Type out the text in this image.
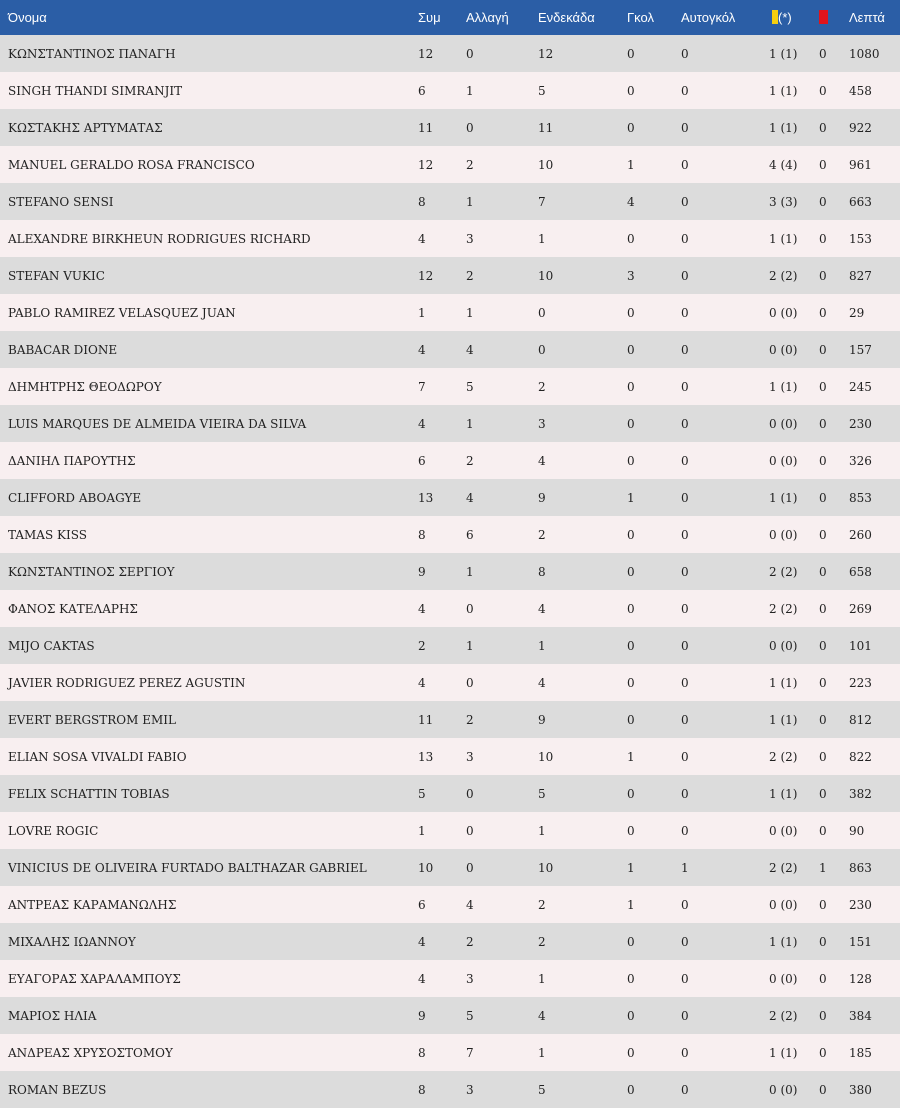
Όνομα	Συμ	Αλλαγή	Ενδεκάδα	Γκολ	Αυτογκόλ	(*)		Λεπτά
ΚΩΝΣΤΑΝΤΙΝΟΣ ΠΑΝΑΓΗ	12	0	12	0	0	1 (1)	0	1080
SINGH THANDI SIMRANJIT	6	1	5	0	0	1 (1)	0	458
ΚΩΣΤΑΚΗΣ ΑΡΤΥΜΑΤΑΣ	11	0	11	0	0	1 (1)	0	922
MANUEL GERALDO ROSA FRANCISCO	12	2	10	1	0	4 (4)	0	961
STEFANO SENSI	8	1	7	4	0	3 (3)	0	663
ALEXANDRE BIRKHEUN RODRIGUES RICHARD	4	3	1	0	0	1 (1)	0	153
STEFAN VUKIC	12	2	10	3	0	2 (2)	0	827
PABLO RAMIREZ VELASQUEZ JUAN	1	1	0	0	0	0 (0)	0	29
BABACAR DIONE	4	4	0	0	0	0 (0)	0	157
ΔΗΜΗΤΡΗΣ ΘΕΟΔΩΡΟΥ	7	5	2	0	0	1 (1)	0	245
LUIS MARQUES DE ALMEIDA VIEIRA DA SILVA	4	1	3	0	0	0 (0)	0	230
ΔΑΝΙΗΛ ΠΑΡΟΥΤΗΣ	6	2	4	0	0	0 (0)	0	326
CLIFFORD ABOAGYE	13	4	9	1	0	1 (1)	0	853
TAMAS KISS	8	6	2	0	0	0 (0)	0	260
ΚΩΝΣΤΑΝΤΙΝΟΣ ΣΕΡΓΙΟΥ	9	1	8	0	0	2 (2)	0	658
ΦΑΝΟΣ ΚΑΤΕΛΑΡΗΣ	4	0	4	0	0	2 (2)	0	269
MIJO CAKTAS	2	1	1	0	0	0 (0)	0	101
JAVIER RODRIGUEZ PEREZ AGUSTIN	4	0	4	0	0	1 (1)	0	223
EVERT BERGSTROM EMIL	11	2	9	0	0	1 (1)	0	812
ELIAN SOSA VIVALDI FABIO	13	3	10	1	0	2 (2)	0	822
FELIX SCHATTIN TOBIAS	5	0	5	0	0	1 (1)	0	382
LOVRE ROGIC	1	0	1	0	0	0 (0)	0	90
VINICIUS DE OLIVEIRA FURTADO BALTHAZAR GABRIEL	10	0	10	1	1	2 (2)	1	863
ΑΝΤΡΕΑΣ ΚΑΡΑΜΑΝΩΛΗΣ	6	4	2	1	0	0 (0)	0	230
ΜΙΧΑΛΗΣ ΙΩΑΝΝΟΥ	4	2	2	0	0	1 (1)	0	151
ΕΥΑΓΟΡΑΣ ΧΑΡΑΛΑΜΠΟΥΣ	4	3	1	0	0	0 (0)	0	128
ΜΑΡΙΟΣ ΗΛΙΑ	9	5	4	0	0	2 (2)	0	384
ΑΝΔΡΕΑΣ ΧΡΥΣΟΣΤΟΜΟΥ	8	7	1	0	0	1 (1)	0	185
ROMAN BEZUS	8	3	5	0	0	0 (0)	0	380
